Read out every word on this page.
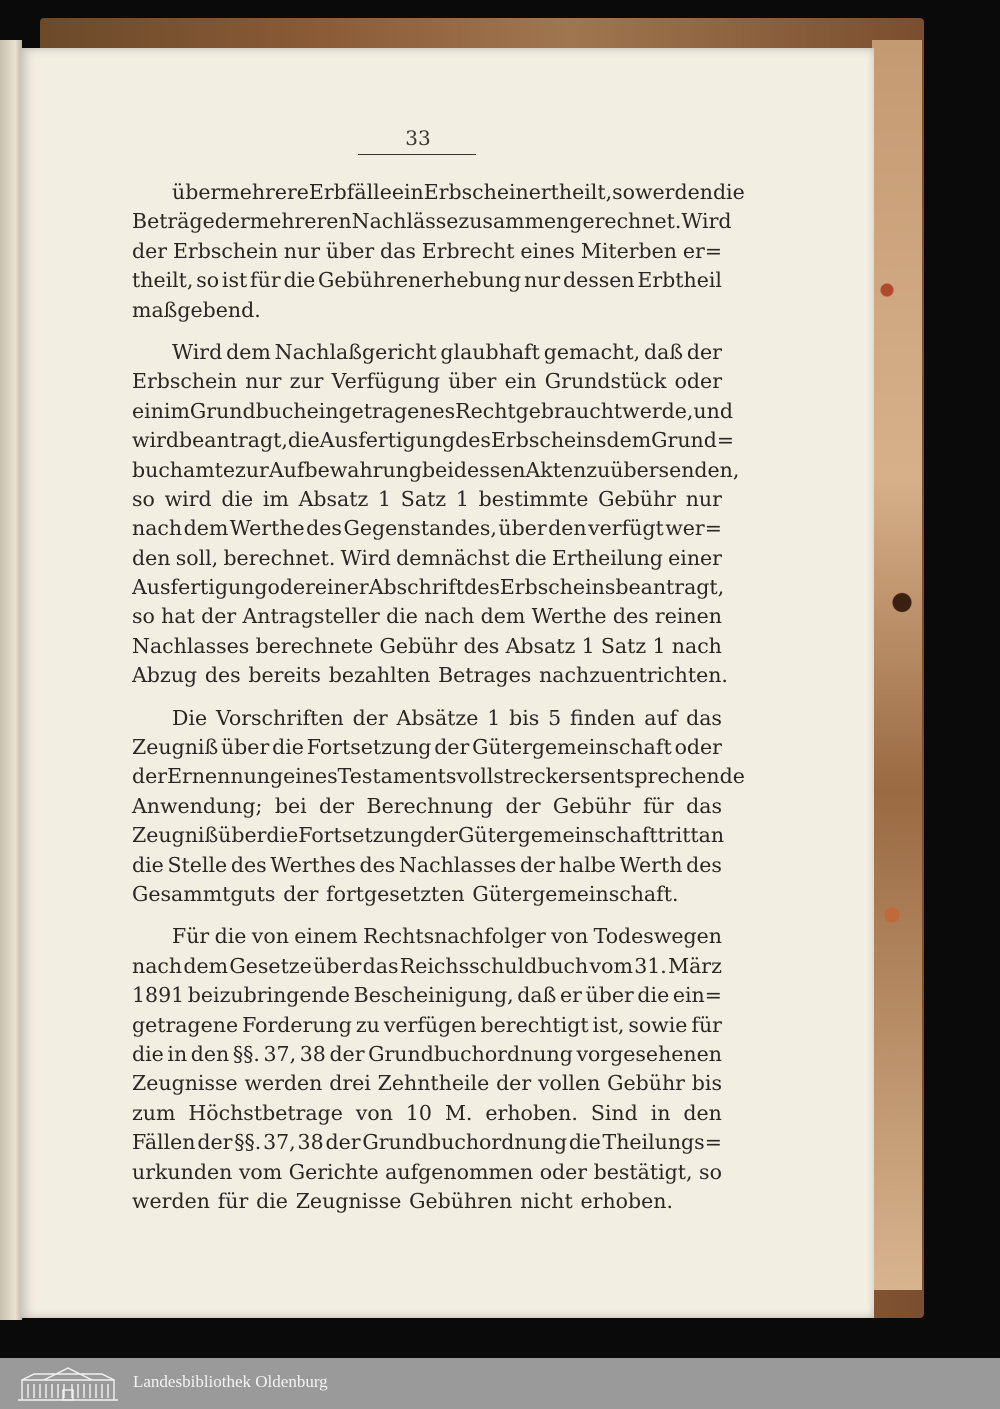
33
über mehrere Erbfälle ein Erbschein ertheilt, so werden die
Beträge der mehreren Nachlässe zusammengerechnet. Wird
der Erbschein nur über das Erbrecht eines Miterben er=
theilt, so ist für die Gebührenerhebung nur dessen Erbtheil
maßgebend.
Wird dem Nachlaßgericht glaubhaft gemacht, daß der
Erbschein nur zur Verfügung über ein Grundstück oder
ein im Grundbuch eingetragenes Recht gebraucht werde, und
wird beantragt, die Ausfertigung des Erbscheins dem Grund=
buchamte zur Aufbewahrung bei dessen Akten zu übersenden,
so wird die im Absatz 1 Satz 1 bestimmte Gebühr nur
nach dem Werthe des Gegenstandes, über den verfügt wer=
den soll, berechnet. Wird demnächst die Ertheilung einer
Ausfertigung oder einer Abschrift des Erbscheins beantragt,
so hat der Antragsteller die nach dem Werthe des reinen
Nachlasses berechnete Gebühr des Absatz 1 Satz 1 nach
Abzug des bereits bezahlten Betrages nachzuentrichten.
Die Vorschriften der Absätze 1 bis 5 finden auf das
Zeugniß über die Fortsetzung der Gütergemeinschaft oder
der Ernennung eines Testamentsvollstreckers entsprechende
Anwendung; bei der Berechnung der Gebühr für das
Zeugniß über die Fortsetzung der Gütergemeinschaft tritt an
die Stelle des Werthes des Nachlasses der halbe Werth des
Gesammtguts der fortgesetzten Gütergemeinschaft.
Für die von einem Rechtsnachfolger von Todeswegen
nach dem Gesetze über das Reichsschuldbuch vom 31. März
1891 beizubringende Bescheinigung, daß er über die ein=
getragene Forderung zu verfügen berechtigt ist, sowie für
die in den §§. 37, 38 der Grundbuchordnung vorgesehenen
Zeugnisse werden drei Zehntheile der vollen Gebühr bis
zum Höchstbetrage von 10 M. erhoben. Sind in den
Fällen der §§. 37, 38 der Grundbuchordnung die Theilungs=
urkunden vom Gerichte aufgenommen oder bestätigt, so
werden für die Zeugnisse Gebühren nicht erhoben.
Landesbibliothek Oldenburg
